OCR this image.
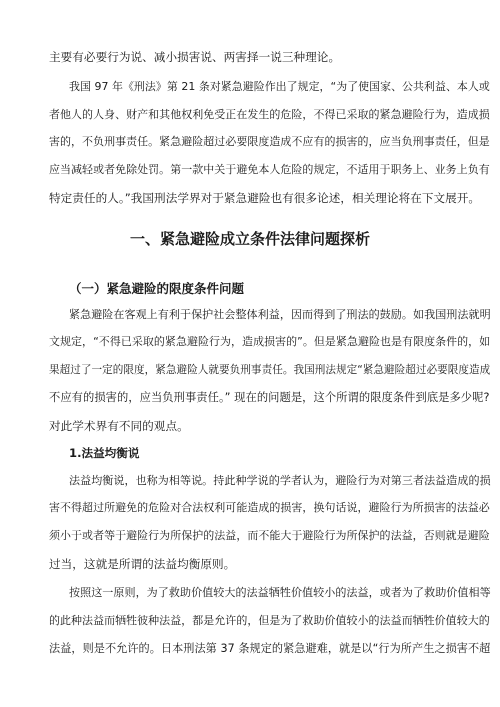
主要有必要行为说、减小损害说、两害择一说三种理论。
我国 97 年《刑法》第 21 条对紧急避险作出了规定，“为了使国家、公共利益、本人或
者他人的人身、财产和其他权利免受正在发生的危险，不得已采取的紧急避险行为，造成损
害的，不负刑事责任。紧急避险超过必要限度造成不应有的损害的，应当负刑事责任，但是
应当减轻或者免除处罚。第一款中关于避免本人危险的规定，不适用于职务上、业务上负有
特定责任的人。”我国刑法学界对于紧急避险也有很多论述，相关理论将在下文展开。
一、紧急避险成立条件法律问题探析
（一）紧急避险的限度条件问题
紧急避险在客观上有利于保护社会整体利益，因而得到了刑法的鼓励。如我国刑法就明
文规定，“不得已采取的紧急避险行为，造成损害的”。但是紧急避险也是有限度条件的，如
果超过了一定的限度，紧急避险人就要负刑事责任。我国刑法规定“紧急避险超过必要限度造成
不应有的损害的，应当负刑事责任。” 现在的问题是，这个所谓的限度条件到底是多少呢?
对此学术界有不同的观点。
1.法益均衡说
法益均衡说，也称为相等说。持此种学说的学者认为，避险行为对第三者法益造成的损
害不得超过所避免的危险对合法权利可能造成的损害，换句话说，避险行为所损害的法益必
须小于或者等于避险行为所保护的法益，而不能大于避险行为所保护的法益，否则就是避险
过当，这就是所谓的法益均衡原则。
按照这一原则，为了救助价值较大的法益牺牲价值较小的法益，或者为了救助价值相等
的此种法益而牺牲彼种法益，都是允许的，但是为了救助价值较小的法益而牺牲价值较大的
法益，则是不允许的。日本刑法第 37 条规定的紧急避难，就是以“行为所产生之损害不超
